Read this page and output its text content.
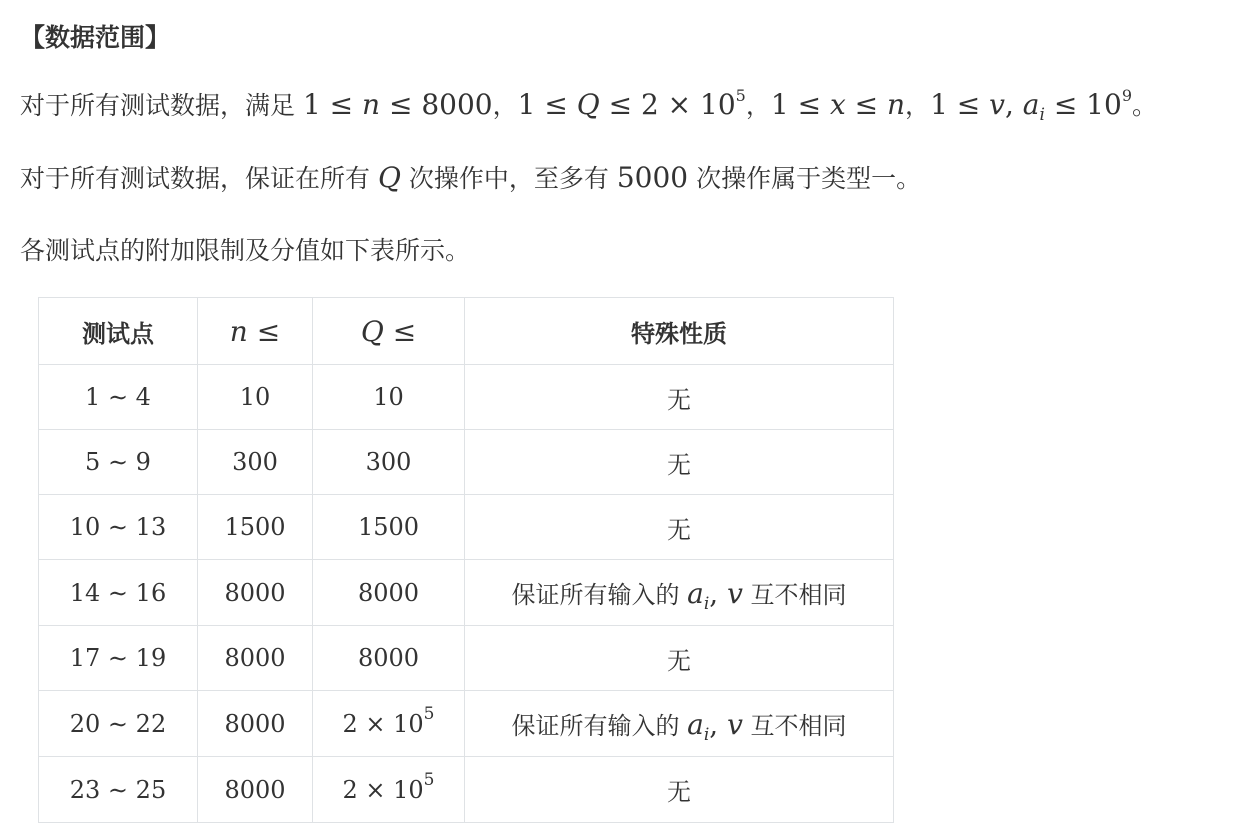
【数据范围】

对于所有测试数据，满足 1 ≤ n ≤ 8000，$1 \le Q \le 2 \times 10^5$，1 ≤ x ≤ n，1 ≤ v, $a_i \le 10^9$。

对于所有测试数据，保证在所有 Q 次操作中，至多有 5000 次操作属于类型一。

各测试点的附加限制及分值如下表所示。

测试点	n ≤	Q ≤	特殊性质
1 ∼ 4	10	10	无
5 ∼ 9	300	300	无
10 ∼ 13	1500	1500	无
14 ∼ 16	8000	8000	保证所有输入的 $a_i$, v 互不相同
17 ∼ 19	8000	8000	无
20 ∼ 22	8000	$2 \times 10^5$	保证所有输入的 $a_i$, v 互不相同
23 ∼ 25	8000	$2 \times 10^5$	无
